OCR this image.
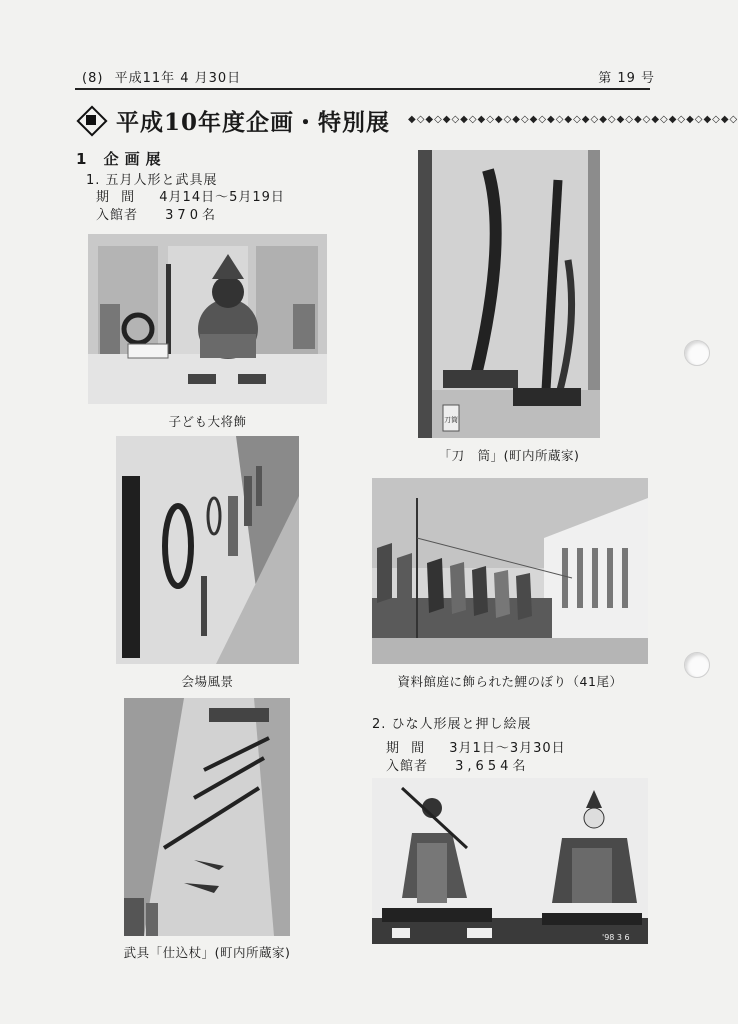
(8) 平成11年 4 月30日	第 19 号
平成10年度企画・特別展 ◆◇◆◇◆◇◆◇◆◇◆◇◆◇◆◇◆◇◆◇◆◇◆◇◆◇◆◇◆◇◆◇◆◇◆◇◆◇
1 企画展
1. 五月人形と武具展
期 間 4月14日～5月19日
入館者 370名
子ども大将飾	刀筒
「刀　筒」(町内所蔵家)
会場風景	資料館庭に飾られた鯉のぼり（41尾）
武具「仕込杖」(町内所蔵家)
2. ひな人形展と押し絵展
期 間 3月1日～3月30日
入館者 3,654名
'98 3 6
